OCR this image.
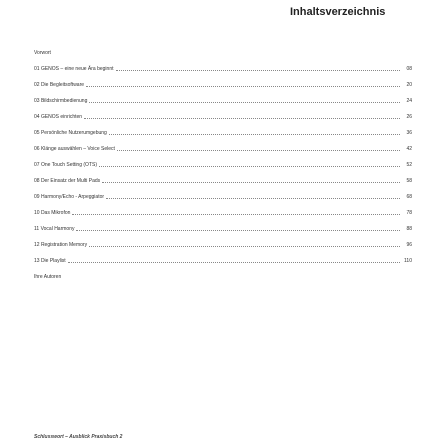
Inhaltsverzeichnis
Vorwort
01 GENOS – eine neue Ära beginnt	08
02 Die Begleitsoftware	20
03 Bildschirmbedienung	24
04 GENOS einrichten	26
05 Persönliche Nutzerumgebung	36
06 Klänge auswählen – Voice Select	42
07 One Touch Setting (OTS)	52
08 Der Einsatz der Multi Pads	58
09 Harmony/Echo - Arpeggiator	68
10 Das Mikrofon	78
11 Vocal Harmony	88
12 Registration Memory	96
13 Die Playlist	110
Ihre Autoren
Schlusswort – Ausblick Praxisbuch 2
